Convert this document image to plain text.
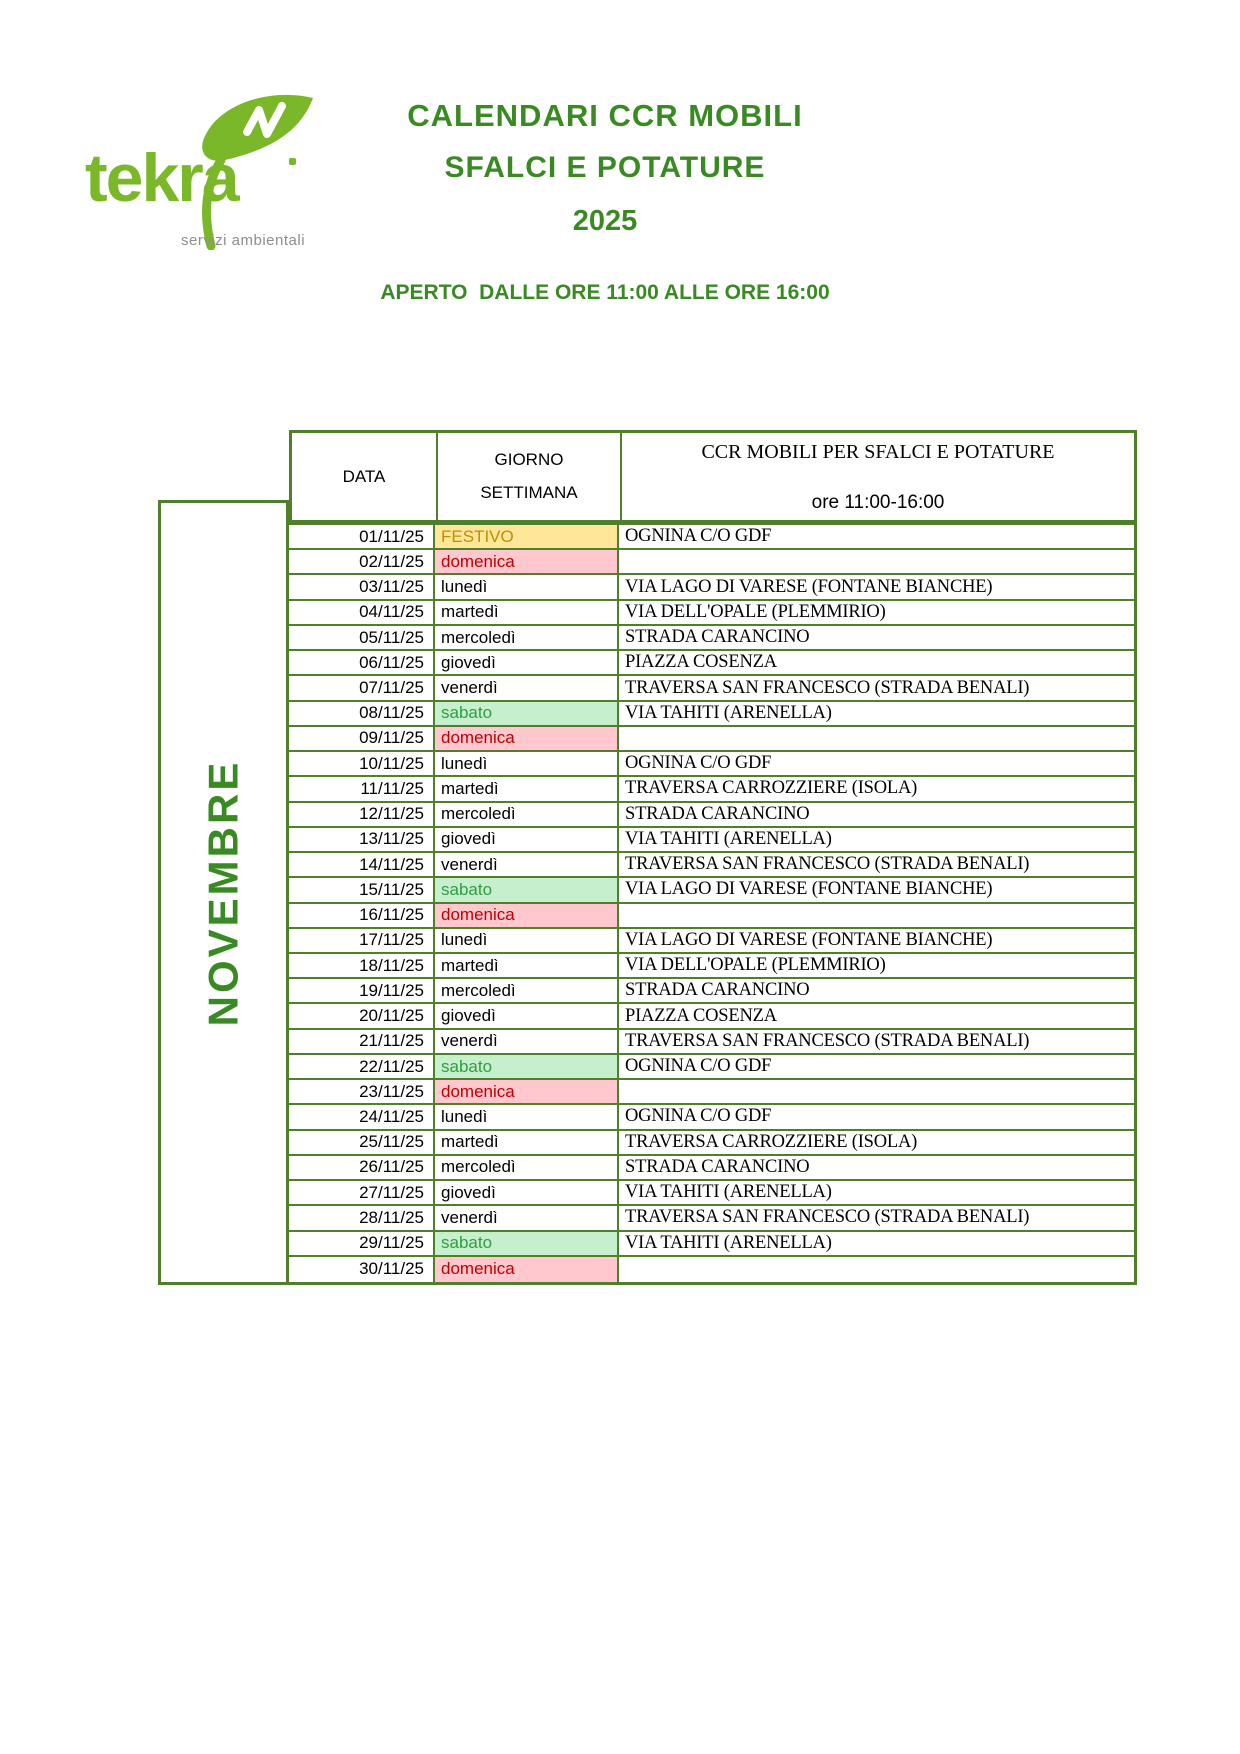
tekra
servizi ambientali

CALENDARI CCR MOBILI

SFALCI E POTATURE

2025

APERTO  DALLE ORE 11:00 ALLE ORE 16:00

DATA
GIORNO
SETTIMANA
CCR MOBILI PER SFALCI E POTATURE
ore 11:00-16:00
NOVEMBRE
01/11/25	FESTIVO	OGNINA C/O GDF
02/11/25	domenica
03/11/25	lunedì	VIA LAGO DI VARESE (FONTANE BIANCHE)
04/11/25	martedì	VIA DELL'OPALE (PLEMMIRIO)
05/11/25	mercoledì	STRADA CARANCINO
06/11/25	giovedì	PIAZZA COSENZA
07/11/25	venerdì	TRAVERSA SAN FRANCESCO (STRADA BENALI)
08/11/25	sabato	VIA TAHITI (ARENELLA)
09/11/25	domenica
10/11/25	lunedì	OGNINA C/O GDF
11/11/25	martedì	TRAVERSA CARROZZIERE (ISOLA)
12/11/25	mercoledì	STRADA CARANCINO
13/11/25	giovedì	VIA TAHITI (ARENELLA)
14/11/25	venerdì	TRAVERSA SAN FRANCESCO (STRADA BENALI)
15/11/25	sabato	VIA LAGO DI VARESE (FONTANE BIANCHE)
16/11/25	domenica
17/11/25	lunedì	VIA LAGO DI VARESE (FONTANE BIANCHE)
18/11/25	martedì	VIA DELL'OPALE (PLEMMIRIO)
19/11/25	mercoledì	STRADA CARANCINO
20/11/25	giovedì	PIAZZA COSENZA
21/11/25	venerdì	TRAVERSA SAN FRANCESCO (STRADA BENALI)
22/11/25	sabato	OGNINA C/O GDF
23/11/25	domenica
24/11/25	lunedì	OGNINA C/O GDF
25/11/25	martedì	TRAVERSA CARROZZIERE (ISOLA)
26/11/25	mercoledì	STRADA CARANCINO
27/11/25	giovedì	VIA TAHITI (ARENELLA)
28/11/25	venerdì	TRAVERSA SAN FRANCESCO (STRADA BENALI)
29/11/25	sabato	VIA TAHITI (ARENELLA)
30/11/25	domenica
